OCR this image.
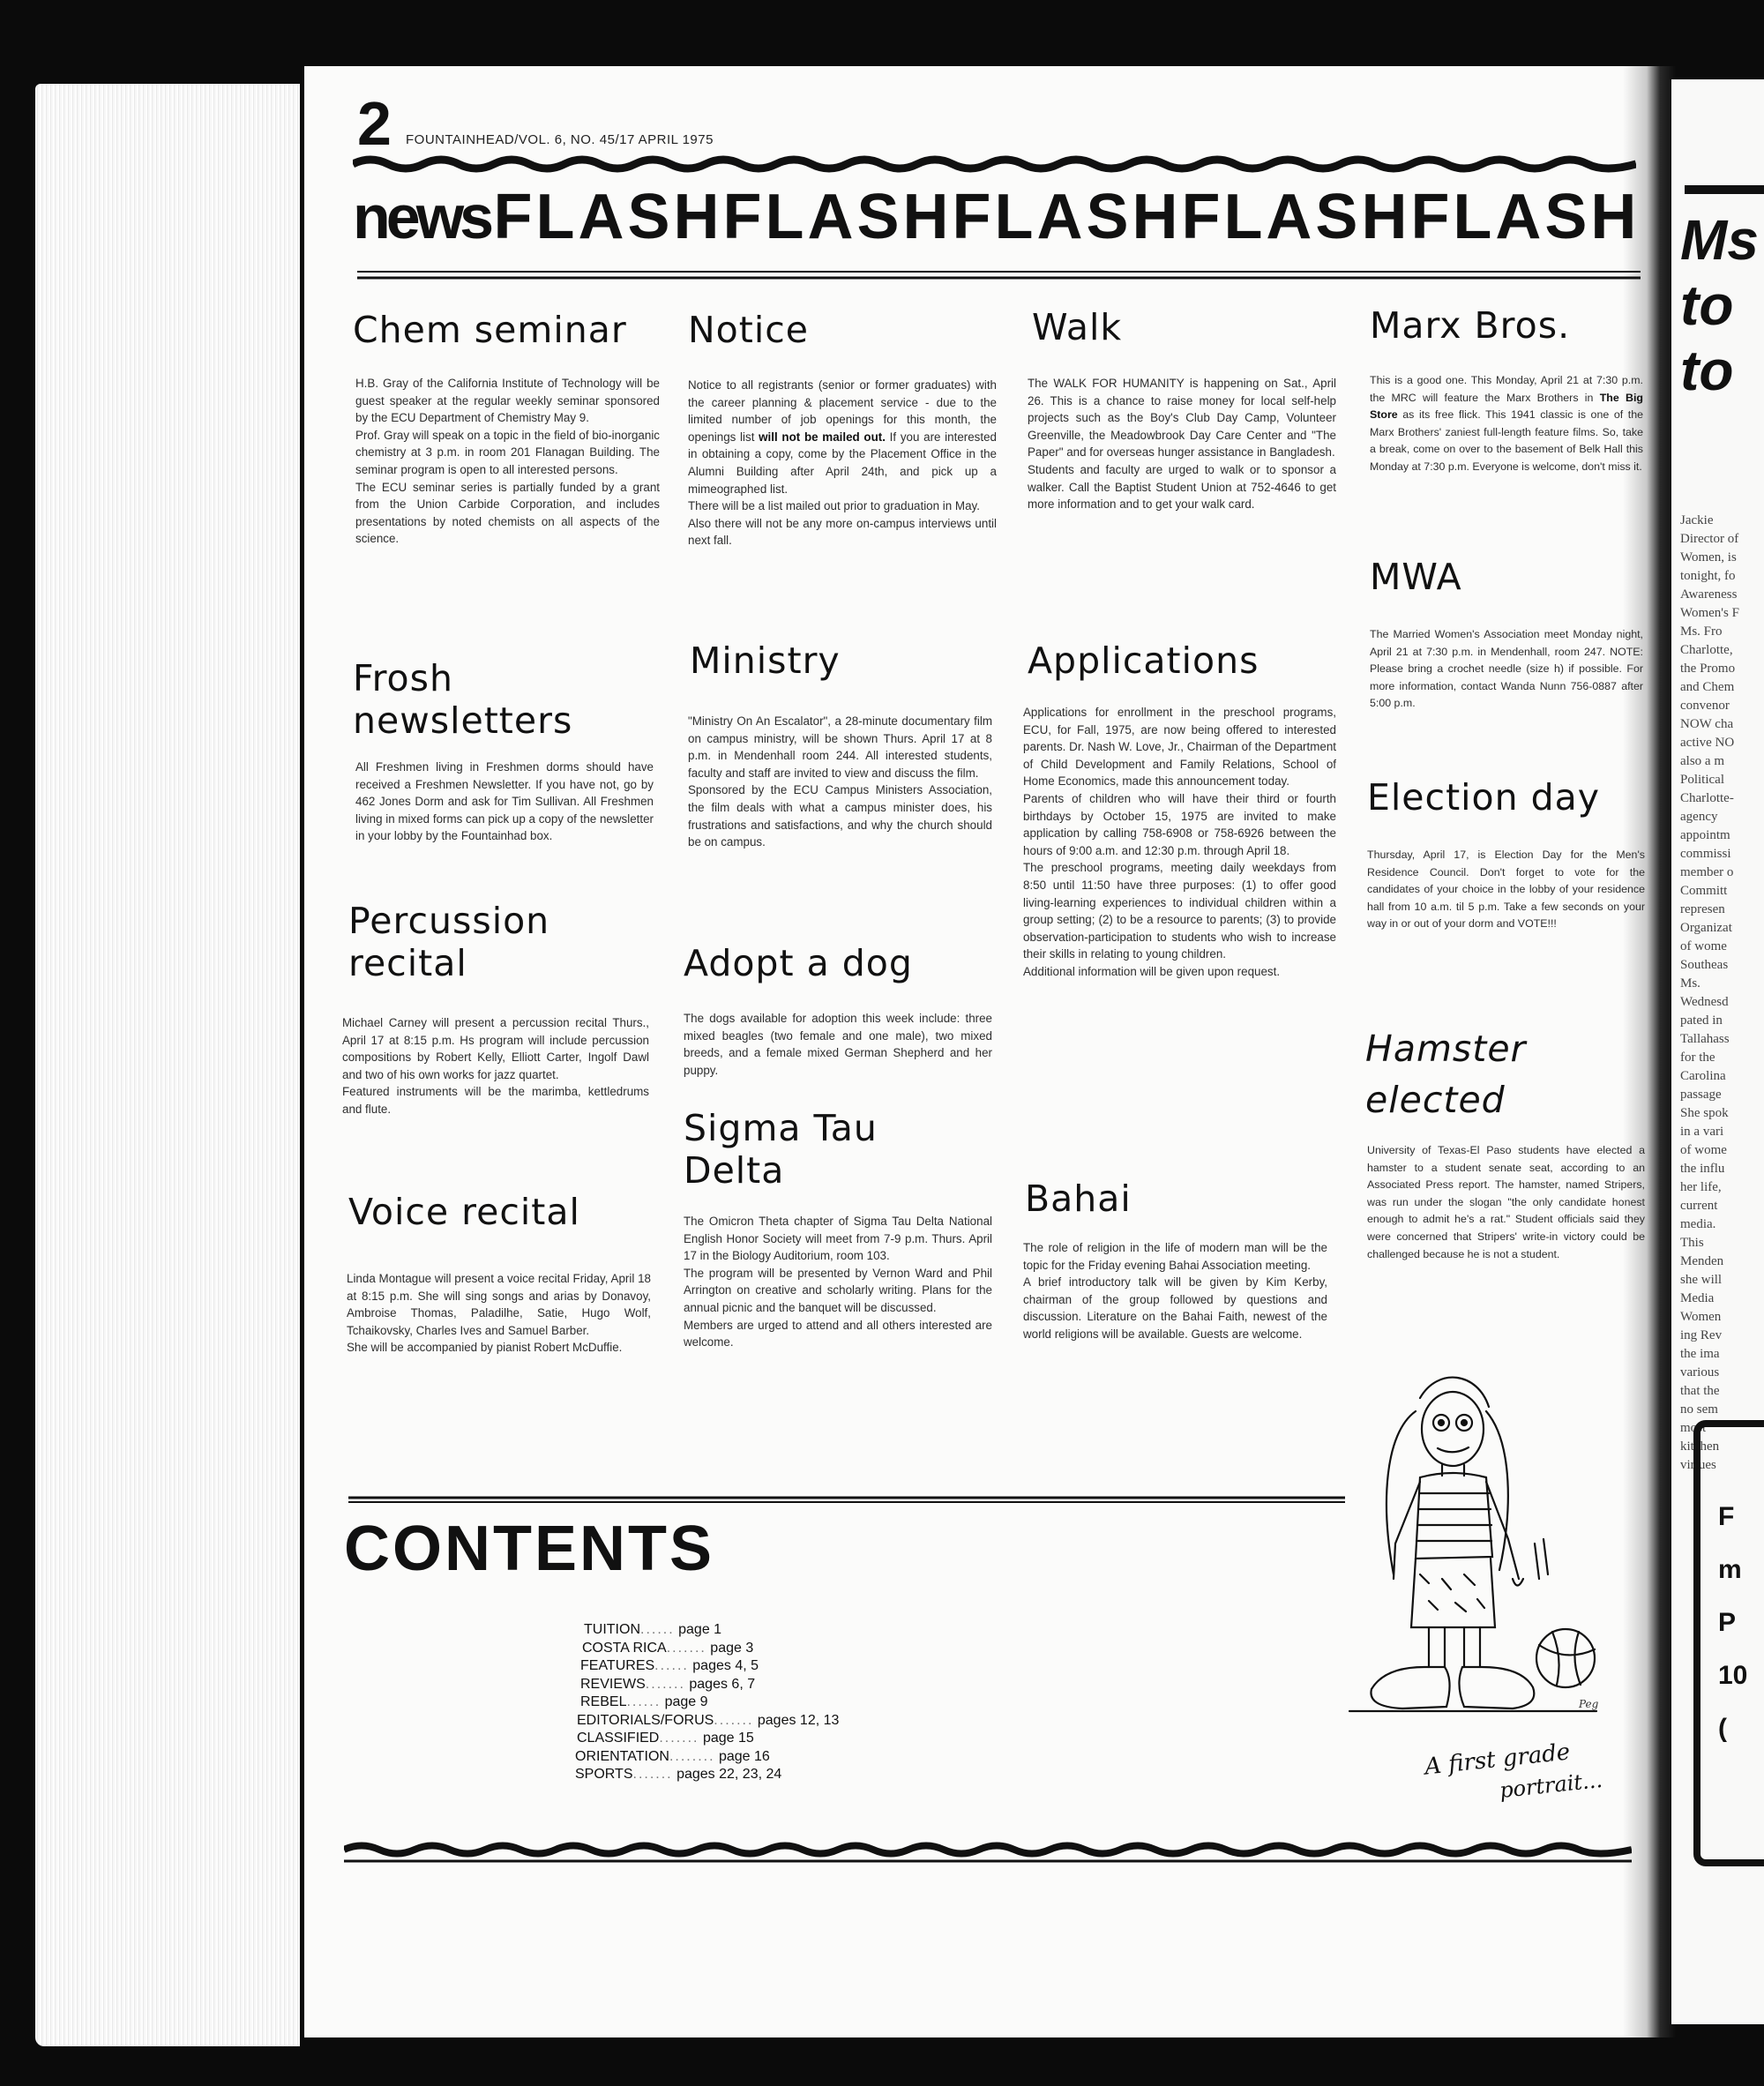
Ms
to
to
Jackie
Director of
Women, is
tonight, fo
Awareness
Women's F
Ms. Fro
Charlotte,
the Promo
and Chem
convenor
NOW cha
active NO
also a m
Political
Charlotte-
agency
appointm
commissi
member o
Committ
represen
Organizat
of wome
Southeas
Ms.
Wednesd
pated in
Tallahass
for the
Carolina
passage
She spok
in a vari
of wome
the influ
her life,
current
media.
This
Menden
she will
Media
Women
ing Rev
the ima
various
that the
no sem
most
kitchen
virtues
F
m
P
10
(
2 FOUNTAINHEAD/VOL. 6, NO. 45/17 APRIL 1975
news FLASHFLASHFLASHFLASHFLASH
Chem seminar

H.B. Gray of the California Institute of Technology will be guest speaker at the regular weekly seminar sponsored by the ECU Department of Chemistry May 9.
Prof. Gray will speak on a topic in the field of bio-inorganic chemistry at 3 p.m. in room 201 Flanagan Building. The seminar program is open to all interested persons.
The ECU seminar series is partially funded by a grant from the Union Carbide Corporation, and includes presentations by noted chemists on all aspects of the science.

Frosh newsletters

All Freshmen living in Freshmen dorms should have received a Freshmen Newsletter. If you have not, go by 462 Jones Dorm and ask for Tim Sullivan. All Freshmen living in mixed forms can pick up a copy of the newsletter in your lobby by the Fountainhad box.

Percussion recital

Michael Carney will present a percussion recital Thurs., April 17 at 8:15 p.m. Hs program will include percussion compositions by Robert Kelly, Elliott Carter, Ingolf Dawl and two of his own works for jazz quartet.
Featured instruments will be the marimba, kettledrums and flute.

Voice recital

Linda Montague will present a voice recital Friday, April 18 at 8:15 p.m. She will sing songs and arias by Donavoy, Ambroise Thomas, Paladilhe, Satie, Hugo Wolf, Tchaikovsky, Charles Ives and Samuel Barber.
She will be accompanied by pianist Robert McDuffie.

Notice

Notice to all registrants (senior or former graduates) with the career planning & placement service - due to the limited number of job openings for this month, the openings list will not be mailed out. If you are interested in obtaining a copy, come by the Placement Office in the Alumni Building after April 24th, and pick up a mimeographed list.
There will be a list mailed out prior to graduation in May.
Also there will not be any more on-campus interviews until next fall.

Ministry

"Ministry On An Escalator", a 28-minute documentary film on campus ministry, will be shown Thurs. April 17 at 8 p.m. in Mendenhall room 244. All interested students, faculty and staff are invited to view and discuss the film.
Sponsored by the ECU Campus Ministers Association, the film deals with what a campus minister does, his frustrations and satisfactions, and why the church should be on campus.

Adopt a dog

The dogs available for adoption this week include: three mixed beagles (two female and one male), two mixed breeds, and a female mixed German Shepherd and her puppy.

Sigma Tau Delta

The Omicron Theta chapter of Sigma Tau Delta National English Honor Society will meet from 7-9 p.m. Thurs. April 17 in the Biology Auditorium, room 103.
The program will be presented by Vernon Ward and Phil Arrington on creative and scholarly writing. Plans for the annual picnic and the banquet will be discussed.
Members are urged to attend and all others interested are welcome.

Walk

The WALK FOR HUMANITY is happening on Sat., April 26. This is a chance to raise money for local self-help projects such as the Boy's Club Day Camp, Volunteer Greenville, the Meadowbrook Day Care Center and "The Paper" and for overseas hunger assistance in Bangladesh.
Students and faculty are urged to walk or to sponsor a walker. Call the Baptist Student Union at 752-4646 to get more information and to get your walk card.

Applications

Applications for enrollment in the preschool programs, ECU, for Fall, 1975, are now being offered to interested parents. Dr. Nash W. Love, Jr., Chairman of the Department of Child Development and Family Relations, School of Home Economics, made this announcement today.
Parents of children who will have their third or fourth birthdays by October 15, 1975 are invited to make application by calling 758-6908 or 758-6926 between the hours of 9:00 a.m. and 12:30 p.m. through April 18.
The preschool programs, meeting daily weekdays from 8:50 until 11:50 have three purposes: (1) to offer good living-learning experiences to individual children within a group setting; (2) to be a resource to parents; (3) to provide observation-participation to students who wish to increase their skills in relating to young children.
Additional information will be given upon request.

Bahai

The role of religion in the life of modern man will be the topic for the Friday evening Bahai Association meeting.
A brief introductory talk will be given by Kim Kerby, chairman of the group followed by questions and discussion. Literature on the Bahai Faith, newest of the world religions will be available. Guests are welcome.

Marx Bros.

This is a good one. This Monday, April 21 at 7:30 p.m. the MRC will feature the Marx Brothers in The Big Store as its free flick. This 1941 classic is one of the Marx Brothers' zaniest full-length feature films. So, take a break, come on over to the basement of Belk Hall this Monday at 7:30 p.m. Everyone is welcome, don't miss it.

MWA

The Married Women's Association meet Monday night, April 21 at 7:30 p.m. in Mendenhall, room 247. NOTE: Please bring a crochet needle (size h) if possible. For more information, contact Wanda Nunn 756-0887 after 5:00 p.m.

Election day

Thursday, April 17, is Election Day for the Men's Residence Council. Don't forget to vote for the candidates of your choice in the lobby of your residence hall from 10 a.m. til 5 p.m. Take a few seconds on your way in or out of your dorm and VOTE!!!

Hamster elected

University of Texas-El Paso students have elected a hamster to a student senate seat, according to an Associated Press report. The hamster, named Stripers, was run under the slogan "the only candidate honest enough to admit he's a rat." Student officials said they were concerned that Stripers' write-in victory could be challenged because he is not a student.

CONTENTS
TUITION...... page 1
COSTA RICA....... page 3
FEATURES...... pages 4, 5
REVIEWS....... pages 6, 7
REBEL...... page 9
EDITORIALS/FORUS....... pages 12, 13
CLASSIFIED....... page 15
ORIENTATION........ page 16
SPORTS....... pages 22, 23, 24	A first grade
portrait...
Peg
